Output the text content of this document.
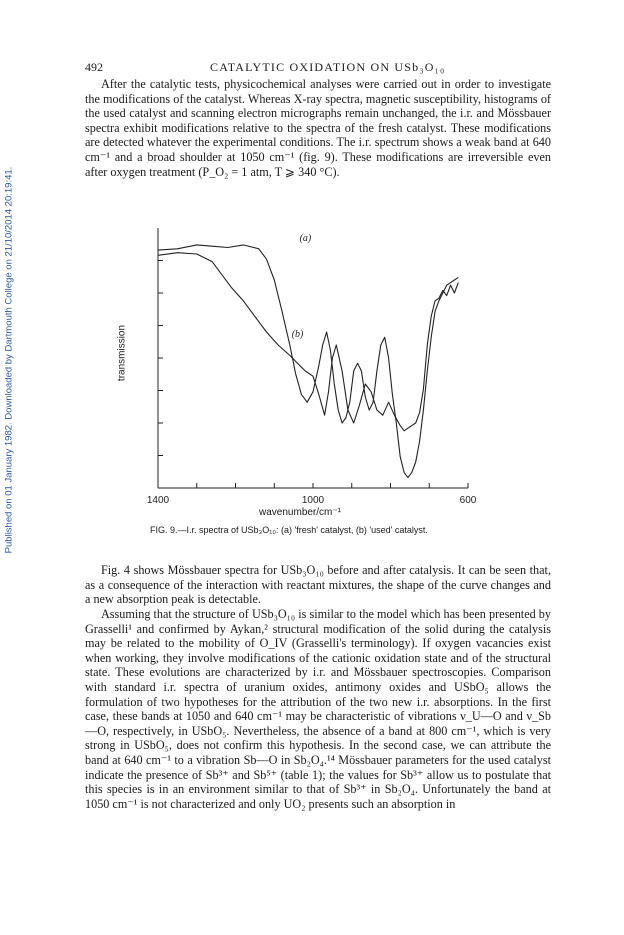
Published on 01 January 1982. Downloaded by Dartmouth College on 21/10/2014 20:19:41.
492	CATALYTIC OXIDATION ON USb₃O₁₀

After the catalytic tests, physicochemical analyses were carried out in order to investigate the modifications of the catalyst. Whereas X-ray spectra, magnetic susceptibility, histograms of the used catalyst and scanning electron micrographs remain unchanged, the i.r. and Mössbauer spectra exhibit modifications relative to the spectra of the fresh catalyst. These modifications are detected whatever the experimental conditions. The i.r. spectrum shows a weak band at 640 cm⁻¹ and a broad shoulder at 1050 cm⁻¹ (fig. 9). These modifications are irreversible even after oxygen treatment (P_O₂ = 1 atm, T ⩾ 340 °C).

(a)
(b)
1400	1000	600
transmission
wavenumber/cm⁻¹
FIG. 9.—I.r. spectra of USb₃O₁₀: (a) 'fresh' catalyst, (b) 'used' catalyst.

Fig. 4 shows Mössbauer spectra for USb₃O₁₀ before and after catalysis. It can be seen that, as a consequence of the interaction with reactant mixtures, the shape of the curve changes and a new absorption peak is detectable.

Assuming that the structure of USb₃O₁₀ is similar to the model which has been presented by Grasselli¹ and confirmed by Aykan,² structural modification of the solid during the catalysis may be related to the mobility of O_IV (Grasselli's terminology). If oxygen vacancies exist when working, they involve modifications of the cationic oxidation state and of the structural state. These evolutions are characterized by i.r. and Mössbauer spectroscopies. Comparison with standard i.r. spectra of uranium oxides, antimony oxides and USbO₅ allows the formulation of two hypotheses for the attribution of the two new i.r. absorptions. In the first case, these bands at 1050 and 640 cm⁻¹ may be characteristic of vibrations ν_U—O and ν_Sb—O, respectively, in USbO₅. Nevertheless, the absence of a band at 800 cm⁻¹, which is very strong in USbO₅, does not confirm this hypothesis. In the second case, we can attribute the band at 640 cm⁻¹ to a vibration Sb—O in Sb₂O₄.¹⁴ Mössbauer parameters for the used catalyst indicate the presence of Sb³⁺ and Sb⁵⁺ (table 1); the values for Sb³⁺ allow us to postulate that this species is in an environment similar to that of Sb³⁺ in Sb₂O₄. Unfortunately the band at 1050 cm⁻¹ is not characterized and only UO₂ presents such an absorption in
